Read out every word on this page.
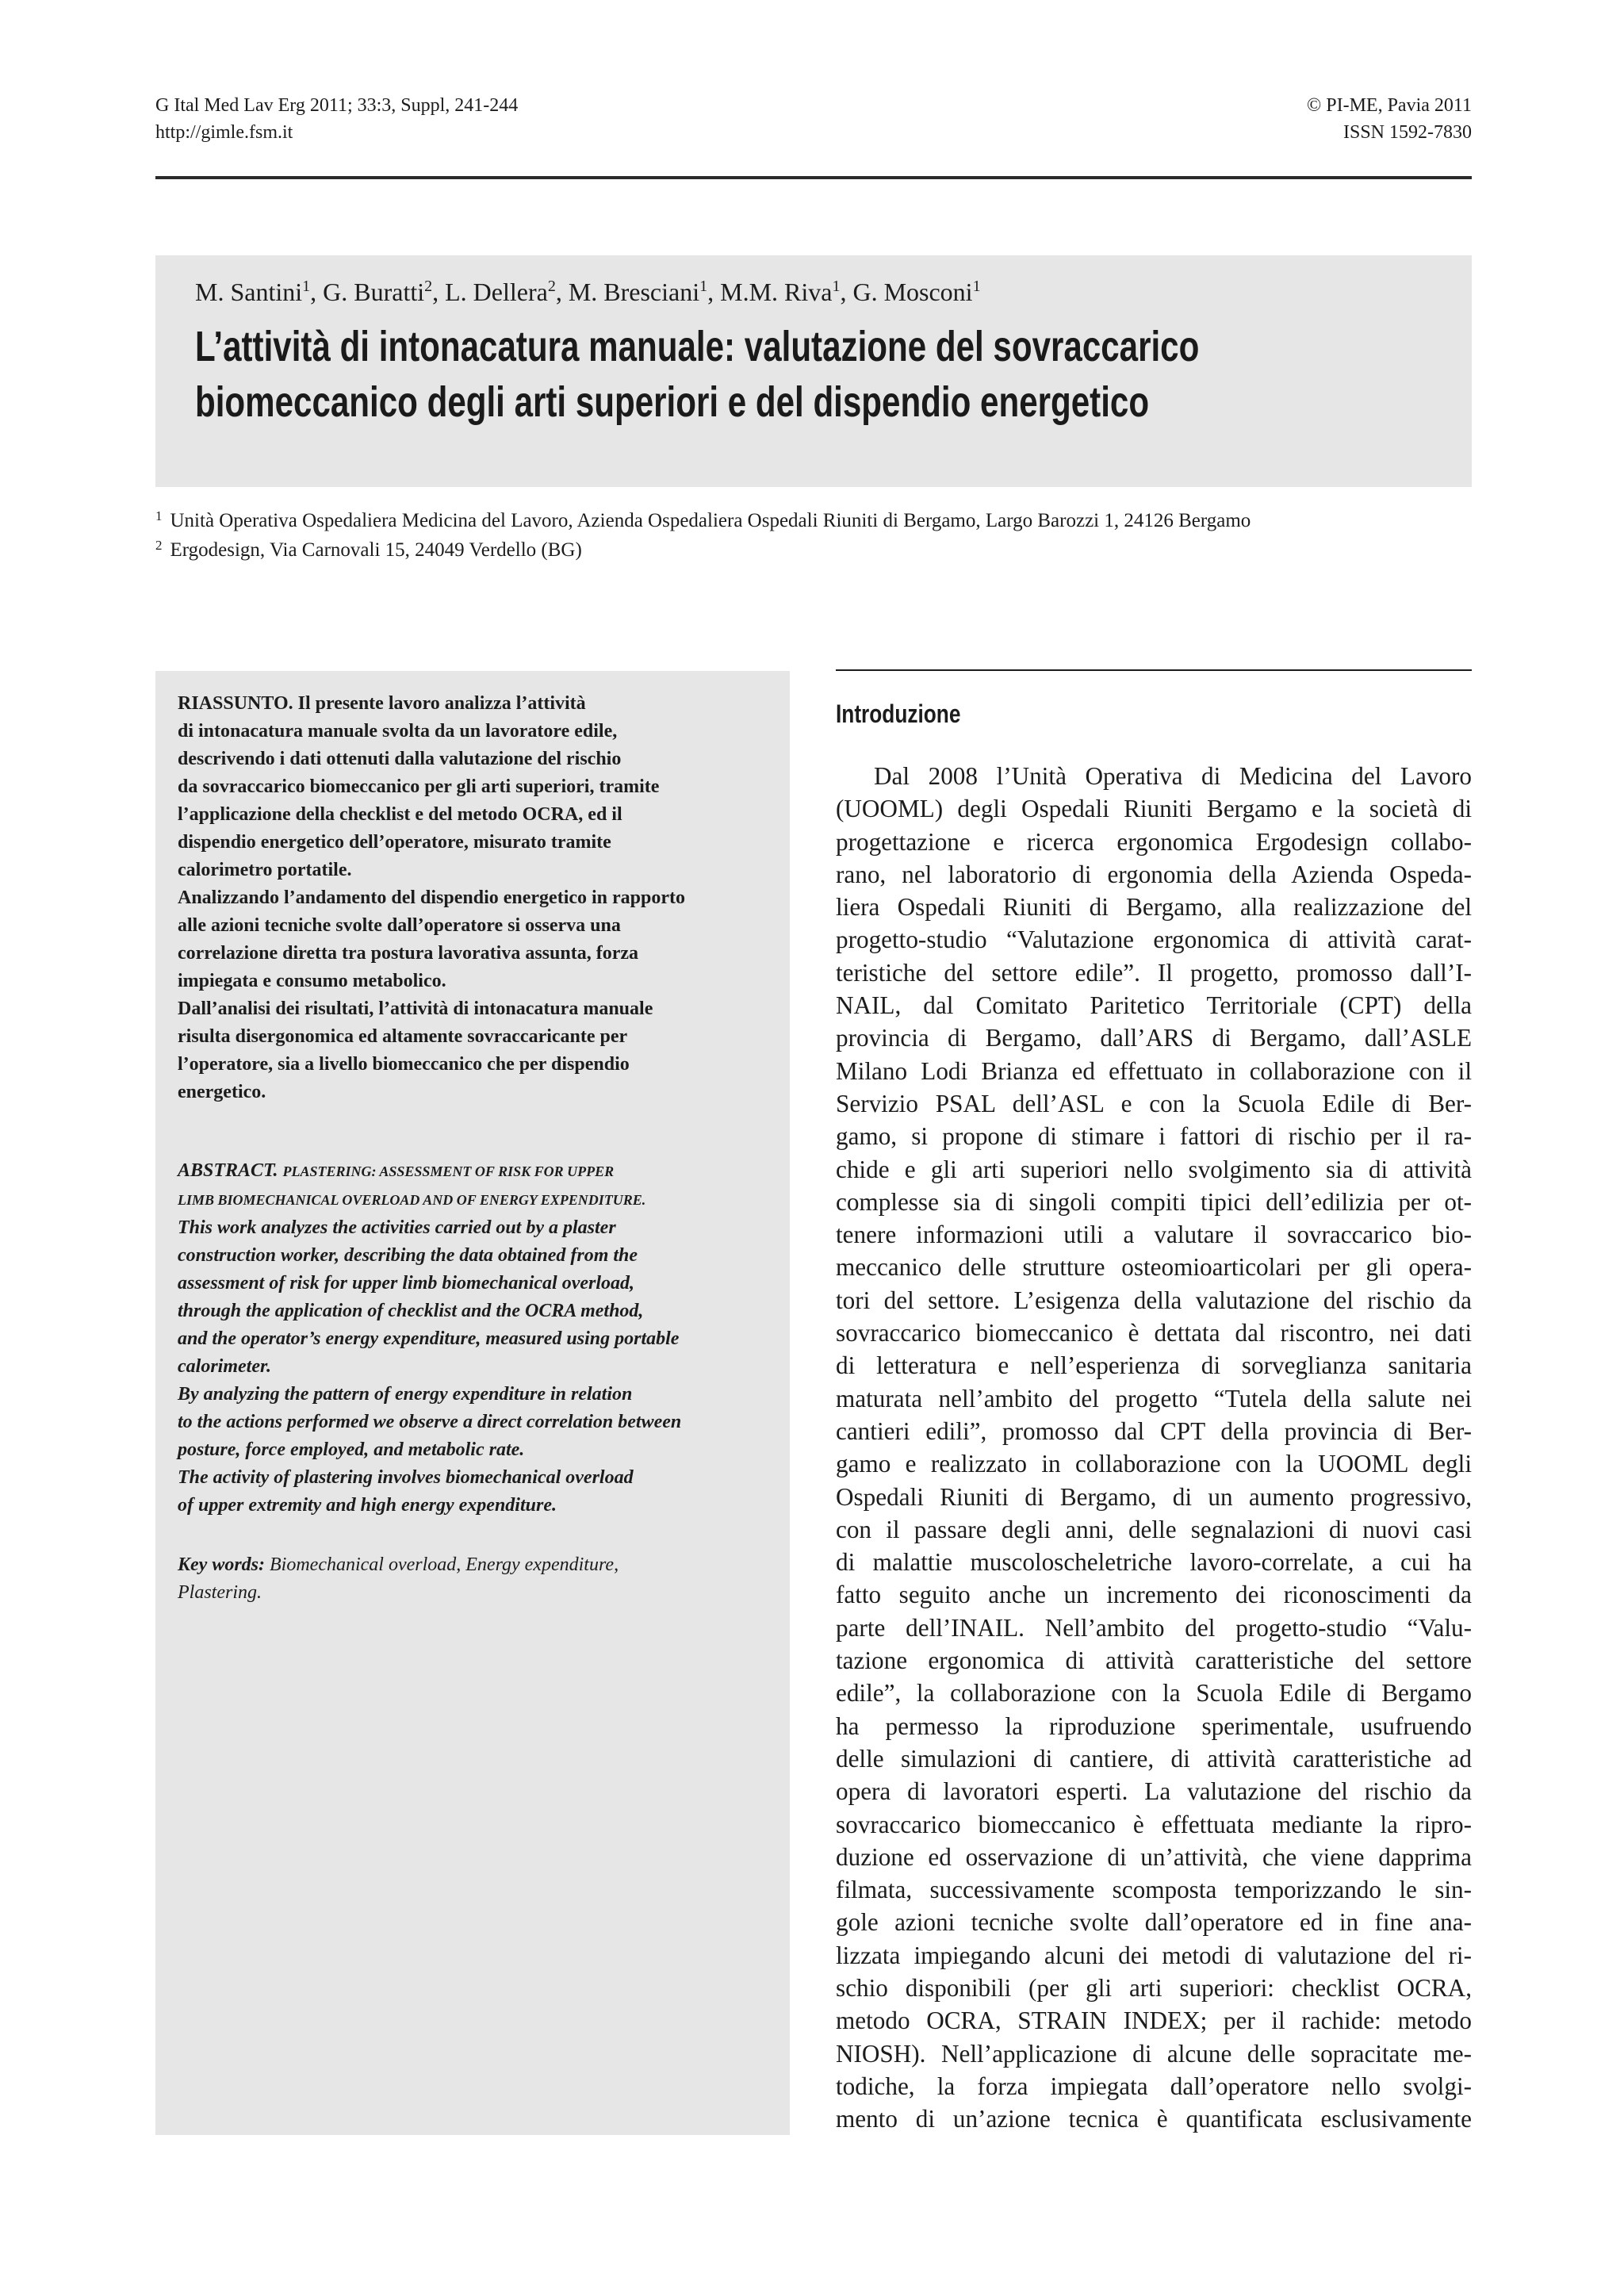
G Ital Med Lav Erg 2011; 33:3, Suppl, 241-244
http://gimle.fsm.it
© PI-ME, Pavia 2011
ISSN 1592-7830
M. Santini$^1$, G. Buratti$^2$, L. Dellera$^2$, M. Bresciani$^1$, M.M. Riva$^1$, G. Mosconi$^1$
L’attività di intonacatura manuale: valutazione del sovraccarico
biomeccanico degli arti superiori e del dispendio energetico
$^1$ Unità Operativa Ospedaliera Medicina del Lavoro, Azienda Ospedaliera Ospedali Riuniti di Bergamo, Largo Barozzi 1, 24126 Bergamo
$^2$ Ergodesign, Via Carnovali 15, 24049 Verdello (BG)

RIASSUNTO. Il presente lavoro analizza l’attività
di intonacatura manuale svolta da un lavoratore edile,
descrivendo i dati ottenuti dalla valutazione del rischio
da sovraccarico biomeccanico per gli arti superiori, tramite
l’applicazione della checklist e del metodo OCRA, ed il
dispendio energetico dell’operatore, misurato tramite
calorimetro portatile.
Analizzando l’andamento del dispendio energetico in rapporto
alle azioni tecniche svolte dall’operatore si osserva una
correlazione diretta tra postura lavorativa assunta, forza
impiegata e consumo metabolico.
Dall’analisi dei risultati, l’attività di intonacatura manuale
risulta disergonomica ed altamente sovraccaricante per
l’operatore, sia a livello biomeccanico che per dispendio
energetico.

ABSTRACT. PLASTERING: ASSESSMENT OF RISK FOR UPPER
LIMB BIOMECHANICAL OVERLOAD AND OF ENERGY EXPENDITURE.
This work analyzes the activities carried out by a plaster
construction worker, describing the data obtained from the
assessment of risk for upper limb biomechanical overload,
through the application of checklist and the OCRA method,
and the operator’s energy expenditure, measured using portable
calorimeter.
By analyzing the pattern of energy expenditure in relation
to the actions performed we observe a direct correlation between
posture, force employed, and metabolic rate.
The activity of plastering involves biomechanical overload
of upper extremity and high energy expenditure.

Key words: Biomechanical overload, Energy expenditure,
Plastering.

Introduzione
Dal 2008 l’Unità Operativa di Medicina del Lavoro
(UOOML) degli Ospedali Riuniti Bergamo e la società di
progettazione e ricerca ergonomica Ergodesign collabo-
rano, nel laboratorio di ergonomia della Azienda Ospeda-
liera Ospedali Riuniti di Bergamo, alla realizzazione del
progetto-studio “Valutazione ergonomica di attività carat-
teristiche del settore edile”. Il progetto, promosso dall’I-
NAIL, dal Comitato Paritetico Territoriale (CPT) della
provincia di Bergamo, dall’ARS di Bergamo, dall’ASLE
Milano Lodi Brianza ed effettuato in collaborazione con il
Servizio PSAL dell’ASL e con la Scuola Edile di Ber-
gamo, si propone di stimare i fattori di rischio per il ra-
chide e gli arti superiori nello svolgimento sia di attività
complesse sia di singoli compiti tipici dell’edilizia per ot-
tenere informazioni utili a valutare il sovraccarico bio-
meccanico delle strutture osteomioarticolari per gli opera-
tori del settore. L’esigenza della valutazione del rischio da
sovraccarico biomeccanico è dettata dal riscontro, nei dati
di letteratura e nell’esperienza di sorveglianza sanitaria
maturata nell’ambito del progetto “Tutela della salute nei
cantieri edili”, promosso dal CPT della provincia di Ber-
gamo e realizzato in collaborazione con la UOOML degli
Ospedali Riuniti di Bergamo, di un aumento progressivo,
con il passare degli anni, delle segnalazioni di nuovi casi
di malattie muscoloscheletriche lavoro-correlate, a cui ha
fatto seguito anche un incremento dei riconoscimenti da
parte dell’INAIL. Nell’ambito del progetto-studio “Valu-
tazione ergonomica di attività caratteristiche del settore
edile”, la collaborazione con la Scuola Edile di Bergamo
ha permesso la riproduzione sperimentale, usufruendo
delle simulazioni di cantiere, di attività caratteristiche ad
opera di lavoratori esperti. La valutazione del rischio da
sovraccarico biomeccanico è effettuata mediante la ripro-
duzione ed osservazione di un’attività, che viene dapprima
filmata, successivamente scomposta temporizzando le sin-
gole azioni tecniche svolte dall’operatore ed in fine ana-
lizzata impiegando alcuni dei metodi di valutazione del ri-
schio disponibili (per gli arti superiori: checklist OCRA,
metodo OCRA, STRAIN INDEX; per il rachide: metodo
NIOSH). Nell’applicazione di alcune delle sopracitate me-
todiche, la forza impiegata dall’operatore nello svolgi-
mento di un’azione tecnica è quantificata esclusivamente
